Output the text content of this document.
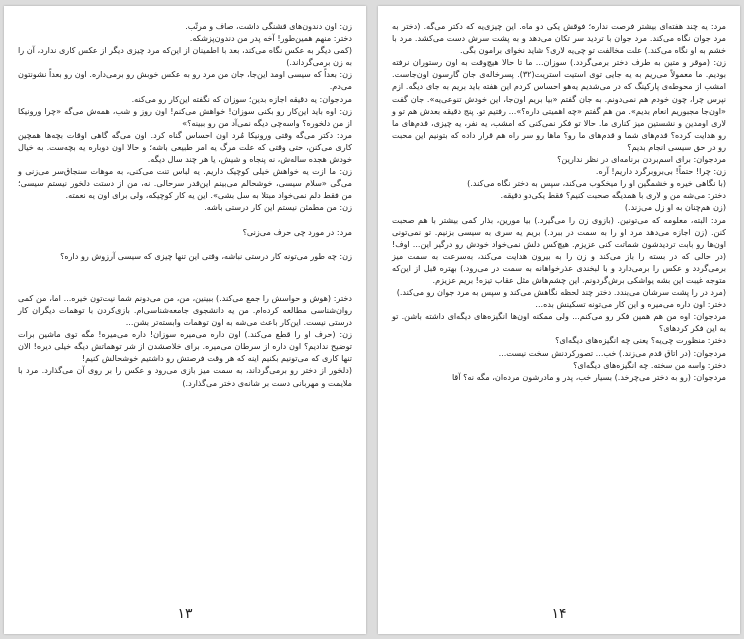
زن: اون دندون‌های قشنگی داشت، صاف و مرتّب.

دختر: منهم همین‌طور! آخه پدر من دندون‌پزشکه.

(کمی دیگر به عکس نگاه می‌کند، بعد با اطمینان از این‌که مرد چیزی دیگر از عکس کاری ندارد، آن را به زن برمی‌گرداند.)

زن: بعداً که سیسی اومد این‌جا، جان من مرد رو به عکس خوبش رو برمی‌داره. اون رو بعداً نشونتون می‌دم.

مردجوان: یه دقیقه اجازه بدین؛ سوزان که نگفته این‌کار رو می‌کنه.

زن: اوه باید این‌کار رو بکنی سوزان! خواهش می‌کنم! اون روز و شب، همه‌ش می‌گه «چرا ورونیکا از من دلخوره؟ واسه‌چی دیگه نمی‌آد من رو ببینه؟»

مرد: دکتر می‌گه وقتی ورونیکا مُرد اون احساس گناه کرد. اون می‌گه گاهی اوقات بچه‌ها همچین کاری می‌کنن، حتی وقتی که علت مرگ یه امر طبیعی باشه؛ و حالا اون دوباره یه بچه‌ست. به خیال خودش هجده ساله‌ش، نه پنجاه و شیش، یا هر چند سال دیگه.

زن: ما ازت یه خواهش خیلی کوچیک داریم. یه لباس تنت می‌کنی، به موهات سنجاق‌سر می‌زنی و می‌گی «سلام سیسی، خوشحالم می‌بینم این‌قدر سرحالی. نه، من از دستت دلخور نیستم سیسی؛ من فقط دلم نمی‌خواد مبتلا به سل بشی». این یه کار کوچیکه، ولی برای اون یه نعمته.

زن: من مطمئن نیستم این کار درستی باشه.

مرد: در مورد چی حرف می‌زنی؟

زن: چه طور می‌تونه کار درستی نباشه، وقتی این تنها چیزی که سیسی آرزوش رو داره؟

دختر: (هوش و حواسش را جمع می‌کند.) ببینین، من، من می‌دونم شما نیت‌تون خیره... اما، من کمی روان‌شناسی مطالعه کرده‌ام. من یه دانشجوی جامعه‌شناسی‌ام. بازی‌کردن با توهمات دیگران کار درستی نیست. این‌کار باعث می‌شه به اون توهمات وابسته‌تر بشن...

زن: (حرف او را قطع می‌کند.) اون داره می‌میره سوزان! داره می‌میره! مگه توی ماشین برات توضیح ندادیم؟ اون داره از سرطان می‌میره. برای خلاصشدن از شر توهماتش دیگه خیلی دیره! الان تنها کاری که می‌تونیم بکنیم اینه که هر وقت فرصتش رو داشتیم خوشحالش کنیم!

(دلخور از دختر رو برمی‌گرداند، به سمت میز بازی می‌رود و عکس را بر روی آن می‌گذارد. مرد با ملایمت و مهربانی دست بر شانه‌ی دختر می‌گذارد.)

۱۳

مرد: یه چند هفته‌ای بیشتر فرصت نداره؛ فوقش یکی دو ماه. این چیزی‌یه که دکتر می‌گه. (دختر به مرد جوان نگاه می‌کند. مرد جوان با تردید سر تکان می‌دهد و به پشت سرش دست می‌کشد. مرد با خشم به او نگاه می‌کند.) علت مخالفت تو چی‌یه لاری؟ شاید نخوای برامون بگی.

زن: (موقر و متین به طرف دختر برمی‌گردد.) سوزان... ما تا حالا هیچ‌وقت به اون رستوران نرفته بودیم. ما معمولاً می‌ریم به یه جایی توی استیت استریت(۳۲). پسرخاله‌ی جان گارسون اون‌جاست. امشب از محوطه‌ی پارکینگ که در می‌شدیم یه‌هو احساس کردم این هفته باید بریم به جای دیگه. ازم نپرس چرا، چون خودم هم نمی‌دونم. به جان گفتم «بیا بریم اون‌جا، این خودش تنوعی‌یه». جان گفت «اون‌جا مجبوریم انعام بدیم». من هم گفتم «چه اهمیتی داره؟»... رفتیم تو. پنج دقیقه بعدش هم تو و لاری اومدین و نشستین میز کناری ما. حالا تو فکر نمی‌کنی که امشب، یه نفر، یه چیزی، قدم‌های ما رو هدایت کرده؟ قدم‌های شما و قدم‌های ما رو؟ ماها رو سر راه هم قرار داده که بتونیم این محبت رو در حق سیسی انجام بدیم؟

مردجوان: برای اسم‌بردن برنامه‌ای در نظر ندارین؟

زن: چرا! حتماً! بی‌بروبرگرد داریم! آره.

(با نگاهی خیره و خشمگین او را میخکوب می‌کند، سپس به دختر نگاه می‌کند.)

دختر: می‌شه من و لاری با همدیگه صحبت کنیم؟ فقط یکی‌دو دقیقه.

(زن هم‌چنان به او زل می‌زند.)

مرد: البته، معلومه که می‌تونین. (بازوی زن را می‌گیرد.) بیا مورین، بذار کمی بیشتر با هم صحبت کنن. (زن اجازه می‌دهد مرد او را به سمت در ببرد.) بریم یه سری به سیسی بزنیم. تو نمی‌تونی اون‌ها رو بابت تردیدشون شماتت کنی عزیزم. هیچ‌کس دلش نمی‌خواد خودش رو درگیر این... اوف! (در حالی که در بسته را باز می‌کند و زن را به بیرون هدایت می‌کند، به‌سرعت به سمت میز برمی‌گردد و عکس را برمی‌دارد و با لبخندی عذرخواهانه به سمت در می‌رود.) بهتره قبل از این‌که متوجه غیبت این بشه یواشکی برش‌گردونم. این چشم‌هاش مثل عقاب تیزه! بریم عزیزم.

(مرد در را پشت سرشان می‌بندد. دختر چند لحظه نگاهش می‌کند و سپس به مرد جوان رو می‌کند.)

دختر: اون داره می‌میره و این کار می‌تونه تسکینش بده...

مردجوان: اوه من هم همین فکر رو می‌کنم... ولی ممکنه اون‌ها انگیزه‌های دیگه‌ای داشته باشن. تو به این فکر کردهای؟

دختر: منظورت چی‌یه؟ یعنی چه انگیزه‌های دیگه‌ای؟

مردجوان: (در اتاق قدم می‌زند.) خب... تصورکردنش سخت نیست...

دختر: واسه من سخته. چه انگیزه‌های دیگه‌ای؟

مردجوان: (رو به دختر می‌چرخد.) بسیار خب، پدر و مادرشون مرده‌ان، مگه نه؟ آقا

۱۴
